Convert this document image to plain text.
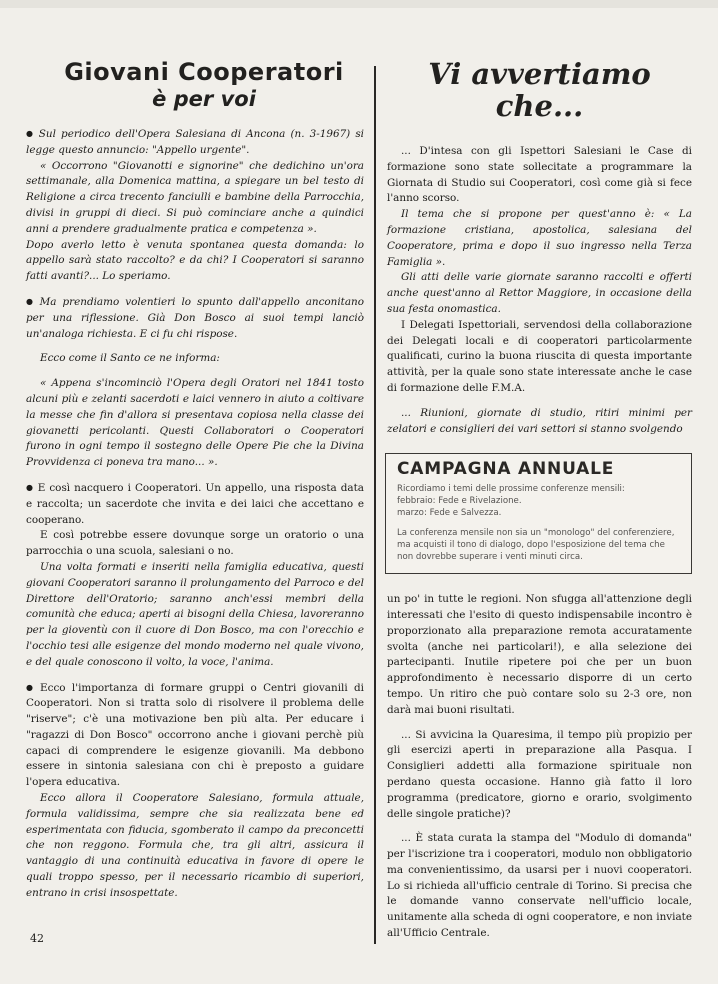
Giovani Cooperatori
è per voi

● Sul periodico dell'Opera Salesiana di Ancona (n. 3-1967) si legge questo annuncio: "Appello urgente".

« Occorrono "Giovanotti e signorine" che dedichino un'ora settimanale, alla Domenica mattina, a spiegare un bel testo di Religione a circa trecento fanciulli e bambine della Parrocchia, divisi in gruppi di dieci. Si può cominciare anche a quindici anni a prendere gradualmente pratica e competenza ».

Dopo averlo letto è venuta spontanea questa domanda: lo appello sarà stato raccolto? e da chi? I Cooperatori si saranno fatti avanti?... Lo speriamo.

● Ma prendiamo volentieri lo spunto dall'appello anconitano per una riflessione. Già Don Bosco ai suoi tempi lanciò un'analoga richiesta. E ci fu chi rispose.

Ecco come il Santo ce ne informa:

« Appena s'incominciò l'Opera degli Oratori nel 1841 tosto alcuni più e zelanti sacerdoti e laici vennero in aiuto a coltivare la messe che fin d'allora si presentava copiosa nella classe dei giovanetti pericolanti. Questi Collaboratori o Cooperatori furono in ogni tempo il sostegno delle Opere Pie che la Divina Provvidenza ci poneva tra mano... ».

● E così nacquero i Cooperatori. Un appello, una risposta data e raccolta; un sacerdote che invita e dei laici che accettano e cooperano.

E così potrebbe essere dovunque sorge un oratorio o una parrocchia o una scuola, salesiani o no.

Una volta formati e inseriti nella famiglia educativa, questi giovani Cooperatori saranno il prolungamento del Parroco e del Direttore dell'Oratorio; saranno anch'essi membri della comunità che educa; aperti ai bisogni della Chiesa, lavoreranno per la gioventù con il cuore di Don Bosco, ma con l'orecchio e l'occhio tesi alle esigenze del mondo moderno nel quale vivono, e del quale conoscono il volto, la voce, l'anima.

● Ecco l'importanza di formare gruppi o Centri giovanili di Cooperatori. Non si tratta solo di risolvere il problema delle "riserve"; c'è una motivazione ben più alta. Per educare i "ragazzi di Don Bosco" occorrono anche i giovani perchè più capaci di comprendere le esigenze giovanili. Ma debbono essere in sintonia salesiana con chi è preposto a guidare l'opera educativa.

Ecco allora il Cooperatore Salesiano, formula attuale, formula validissima, sempre che sia realizzata bene ed esperimentata con fiducia, sgomberato il campo da preconcetti che non reggono. Formula che, tra gli altri, assicura il vantaggio di una continuità educativa in favore di opere le quali troppo spesso, per il necessario ricambio di superiori, entrano in crisi insospettate.

Vi avvertiamo che...

... D'intesa con gli Ispettori Salesiani le Case di formazione sono state sollecitate a programmare la Giornata di Studio sui Cooperatori, così come già si fece l'anno scorso.

Il tema che si propone per quest'anno è: « La formazione cristiana, apostolica, salesiana del Cooperatore, prima e dopo il suo ingresso nella Terza Famiglia ».

Gli atti delle varie giornate saranno raccolti e offerti anche quest'anno al Rettor Maggiore, in occasione della sua festa onomastica.

I Delegati Ispettoriali, servendosi della collaborazione dei Delegati locali e di cooperatori particolarmente qualificati, curino la buona riuscita di questa importante attività, per la quale sono state interessate anche le case di formazione delle F.M.A.

... Riunioni, giornate di studio, ritiri minimi per zelatori e consiglieri dei vari settori si stanno svolgendo

CAMPAGNA ANNUALE

Ricordiamo i temi delle prossime conferenze mensili:

febbraio: Fede e Rivelazione.

marzo: Fede e Salvezza.

La conferenza mensile non sia un "monologo" del conferenziere, ma acquisti il tono di dialogo, dopo l'esposizione del tema che non dovrebbe superare i venti minuti circa.

un po' in tutte le regioni. Non sfugga all'attenzione degli interessati che l'esito di questo indispensabile incontro è proporzionato alla preparazione remota accuratamente svolta (anche nei particolari!), e alla selezione dei partecipanti. Inutile ripetere poi che per un buon approfondimento è necessario disporre di un certo tempo. Un ritiro che può contare solo su 2-3 ore, non darà mai buoni risultati.

... Si avvicina la Quaresima, il tempo più propizio per gli esercizi aperti in preparazione alla Pasqua. I Consiglieri addetti alla formazione spirituale non perdano questa occasione. Hanno già fatto il loro programma (predicatore, giorno e orario, svolgimento delle singole pratiche)?

... È stata curata la stampa del "Modulo di domanda" per l'iscrizione tra i cooperatori, modulo non obbligatorio ma convenientissimo, da usarsi per i nuovi cooperatori. Lo si richieda all'ufficio centrale di Torino. Si precisa che le domande vanno conservate nell'ufficio locale, unitamente alla scheda di ogni cooperatore, e non inviate all'Ufficio Centrale.

42
